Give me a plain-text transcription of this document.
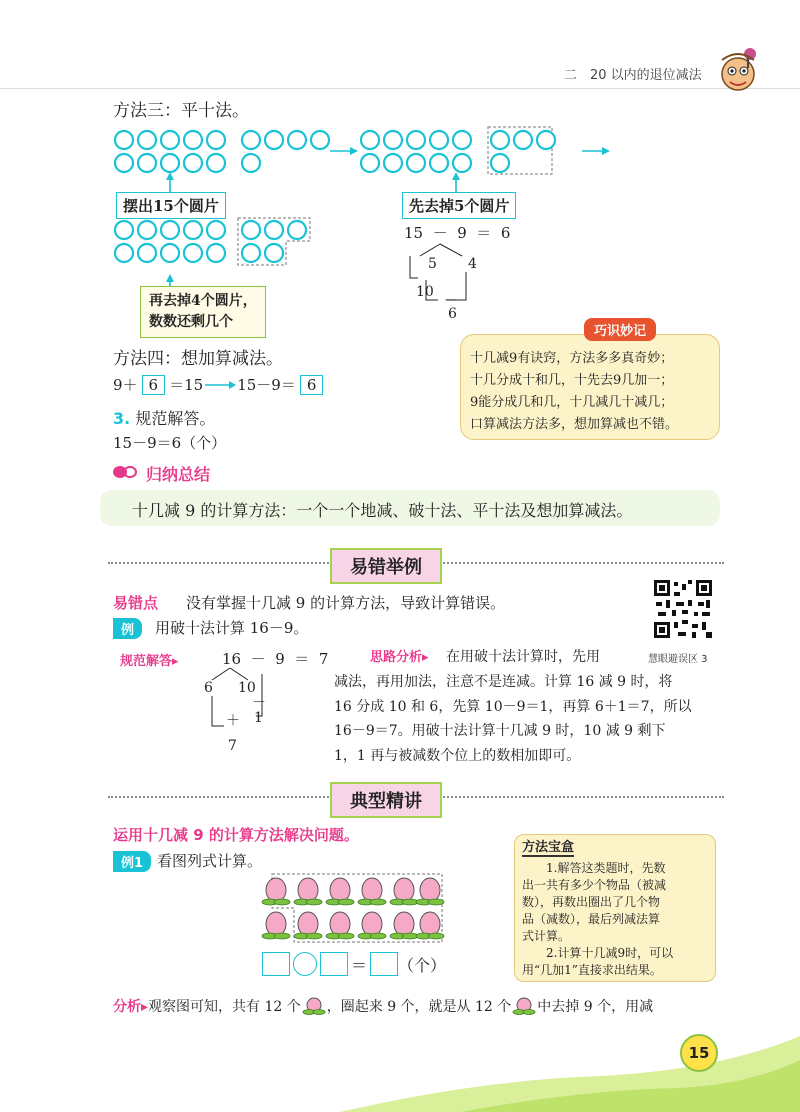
二　20 以内的退位减法
方法三：平十法。
摆出15个圆片	先去掉5个圆片
再去掉4个圆片，
数数还剩几个
15 － 9 ＝ 6
5 4
10
－
6
巧识妙记
十几减9有诀窍，方法多多真奇妙；
十几分成十和几，十先去9几加一；
9能分成几和几，十几减几十减几；
口算减法方法多，想加算减也不错。
方法四：想加算减法。
9＋ 6 ＝15 15－9＝ 6
3. 规范解答。
15－9＝6（个）
归纳总结
十几减 9 的计算方法：一个一个地减、破十法、平十法及想加算减法。
易错举例
易错点 没有掌握十几减 9 的计算方法，导致计算错误。
慧眼避误区 3
例	用破十法计算 16－9。
规范解答▸	16 － 9 ＝ 7
6 10
－
＋ 1
7
思路分析▸ 在用破十法计算时，先用
减法，再用加法，注意不是连减。计算 16 减 9 时，将
16 分成 10 和 6，先算 10－9＝1，再算 6＋1＝7，所以
16－9＝7。用破十法计算十几减 9 时，10 减 9 剩下
1，1 再与被减数个位上的数相加即可。
典型精讲
运用十几减 9 的计算方法解决问题。
例1 看图列式计算。
＝ （个）
方法宝盒
1.解答这类题时，先数
出一共有多少个物品（被减
数），再数出圈出了几个物
品（减数），最后列减法算
式计算。
2.计算十几减9时，可以
用“几加1”直接求出结果。
分析▸ 观察图可知，共有 12 个 ，圈起来 9 个，就是从 12 个 中去掉 9 个，用减
15
